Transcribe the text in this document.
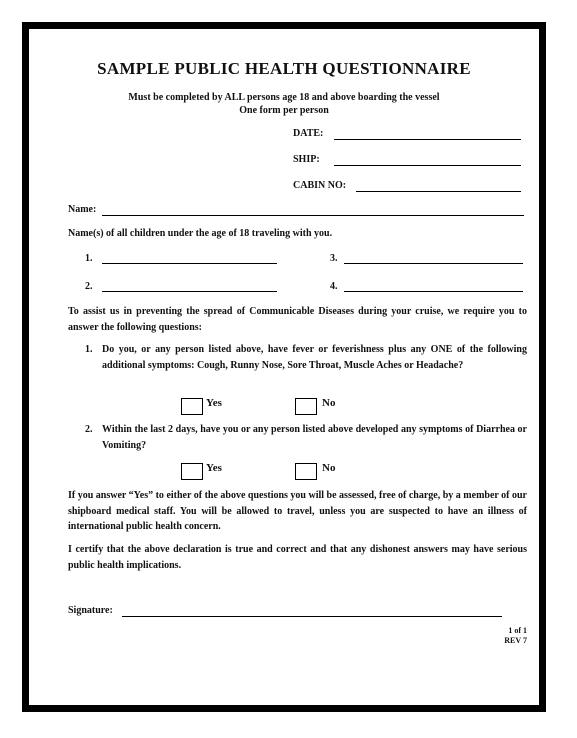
SAMPLE PUBLIC HEALTH QUESTIONNAIRE
Must be completed by ALL persons age 18 and above boarding the vessel
One form per person
DATE:
SHIP:
CABIN NO:
Name:
Name(s) of all children under the age of 18 traveling with you.
1.	3.
2.	4.
To assist us in preventing the spread of Communicable Diseases during your cruise, we require you to answer the following questions:
1. Do you, or any person listed above, have fever or feverishness plus any ONE of the following additional symptoms: Cough, Runny Nose, Sore Throat, Muscle Aches or Headache?
Yes	No
2. Within the last 2 days, have you or any person listed above developed any symptoms of Diarrhea or Vomiting?
Yes	No
If you answer “Yes” to either of the above questions you will be assessed, free of charge, by a member of our shipboard medical staff. You will be allowed to travel, unless you are suspected to have an illness of international public health concern.
I certify that the above declaration is true and correct and that any dishonest answers may have serious public health implications.
Signature:
1 of 1
REV 7
